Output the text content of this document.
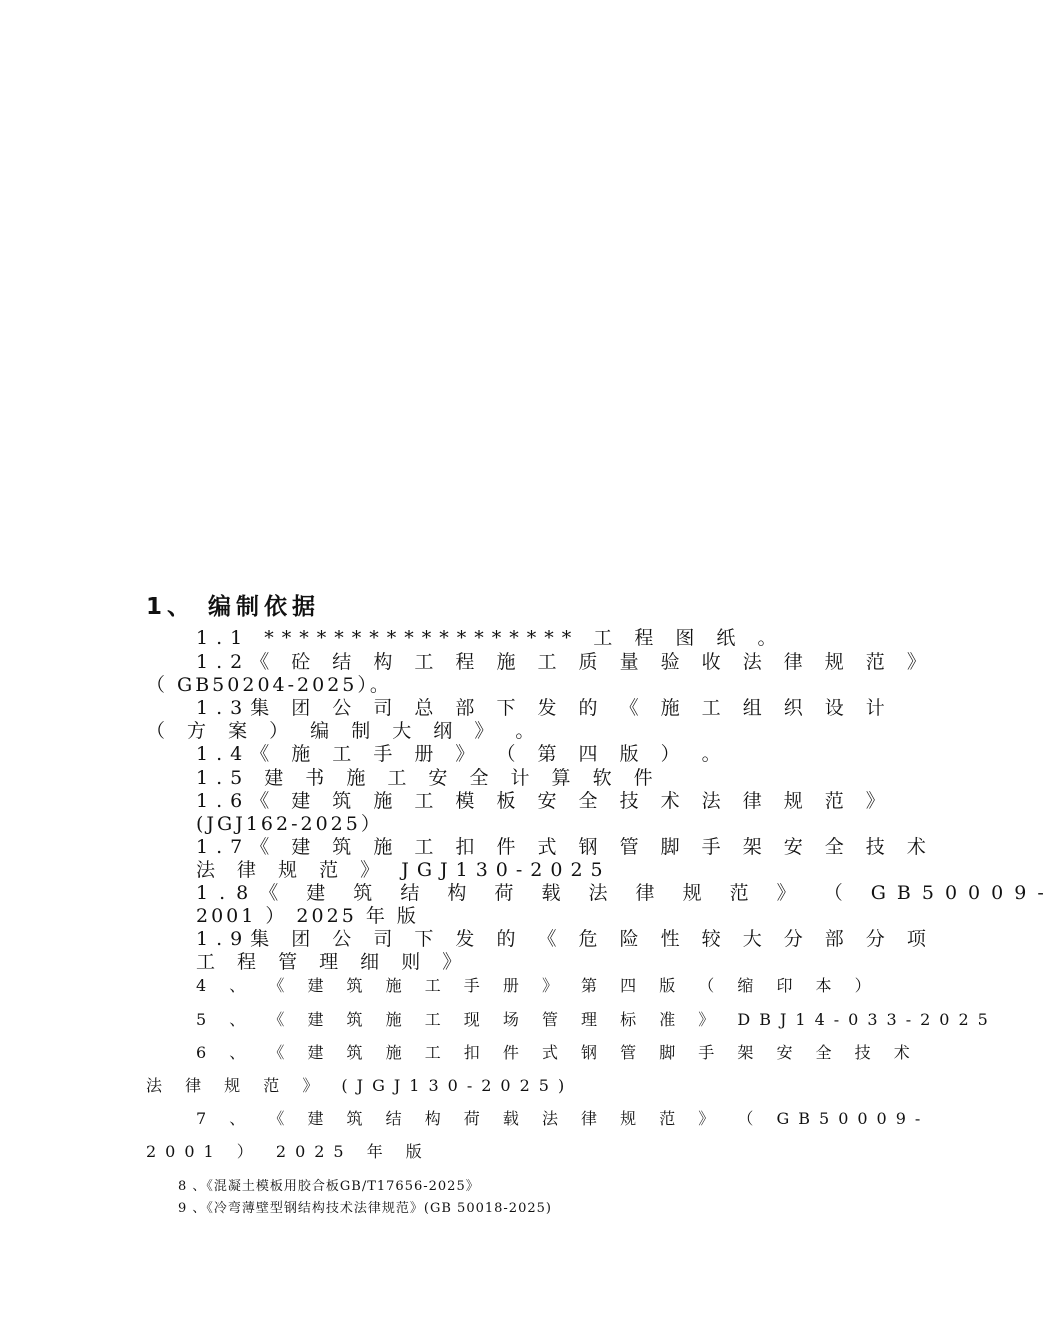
1、 编制依据
1.1 ****************** 工 程 图 纸 。
1.2《 砼 结 构 工 程 施 工 质 量 验 收 法 律 规 范 》
（ GB50204-2025）。
1.3集 团 公 司 总 部 下 发 的 《 施 工 组 织 设 计
（ 方 案 ） 编 制 大 纲 》 。
1.4《 施 工 手 册 》 （ 第 四 版 ） 。
1.5 建 书 施 工 安 全 计 算 软 件
1.6《 建 筑 施 工 模 板 安 全 技 术 法 律 规 范 》
(JGJ162-2025）
1.7《 建 筑 施 工 扣 件 式 钢 管 脚 手 架 安 全 技 术
法 律 规 范 》 JGJ130-2025
1.8《 建 筑 结 构 荷 载 法 律 规 范 》 （ GB50009-
2001 ） 2025 年 版
1.9集 团 公 司 下 发 的 《 危 险 性 较 大 分 部 分 项
工 程 管 理 细 则 》
4 、 《 建 筑 施 工 手 册 》 第 四 版 （ 缩 印 本 ）
5 、 《 建 筑 施 工 现 场 管 理 标 准 》 DBJ14-033-2025
6 、 《 建 筑 施 工 扣 件 式 钢 管 脚 手 架 安 全 技 术
法 律 规 范 》 (JGJ130-2025)
7 、 《 建 筑 结 构 荷 载 法 律 规 范 》 （ GB50009-
2001 ） 2025 年 版
8 、《混凝土模板用胶合板GB/T17656-2025》
9 、《冷弯薄壁型钢结构技术法律规范》(GB 50018-2025)
